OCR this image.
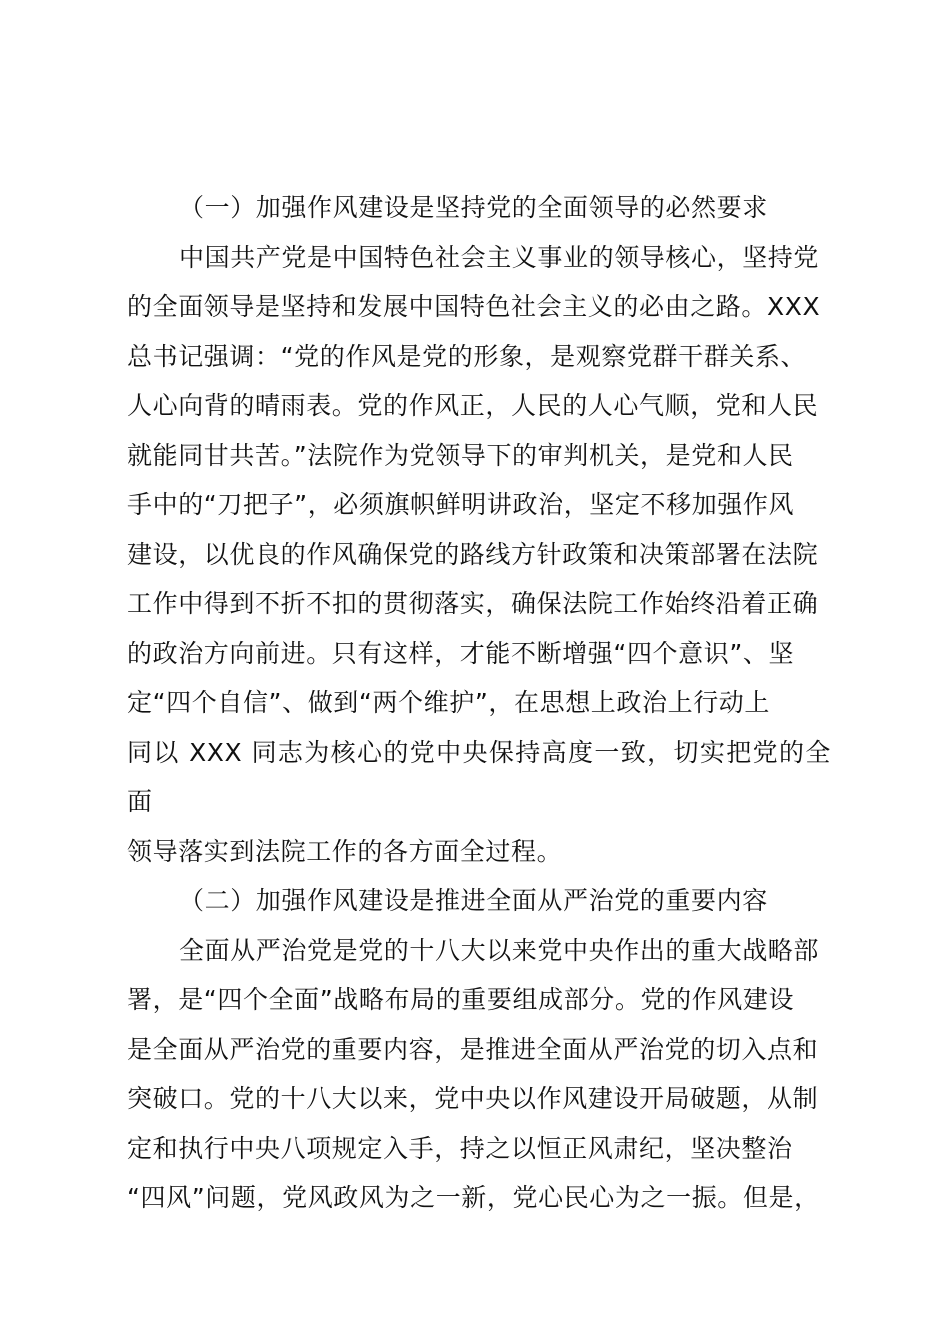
（一）加强作风建设是坚持党的全面领导的必然要求

中国共产党是中国特色社会主义事业的领导核心，坚持党
的全面领导是坚持和发展中国特色社会主义的必由之路。XXX
总书记强调：“党的作风是党的形象，是观察党群干群关系、
人心向背的晴雨表。党的作风正，人民的人心气顺，党和人民
就能同甘共苦。”法院作为党领导下的审判机关，是党和人民
手中的“刀把子”，必须旗帜鲜明讲政治，坚定不移加强作风
建设，以优良的作风确保党的路线方针政策和决策部署在法院
工作中得到不折不扣的贯彻落实，确保法院工作始终沿着正确
的政治方向前进。只有这样，才能不断增强“四个意识”、坚
定“四个自信”、做到“两个维护”，在思想上政治上行动上
同以 XXX 同志为核心的党中央保持高度一致，切实把党的全面
领导落实到法院工作的各方面全过程。

（二）加强作风建设是推进全面从严治党的重要内容

全面从严治党是党的十八大以来党中央作出的重大战略部
署，是“四个全面”战略布局的重要组成部分。党的作风建设
是全面从严治党的重要内容，是推进全面从严治党的切入点和
突破口。党的十八大以来，党中央以作风建设开局破题，从制
定和执行中央八项规定入手，持之以恒正风肃纪，坚决整治
“四风”问题，党风政风为之一新，党心民心为之一振。但是，
